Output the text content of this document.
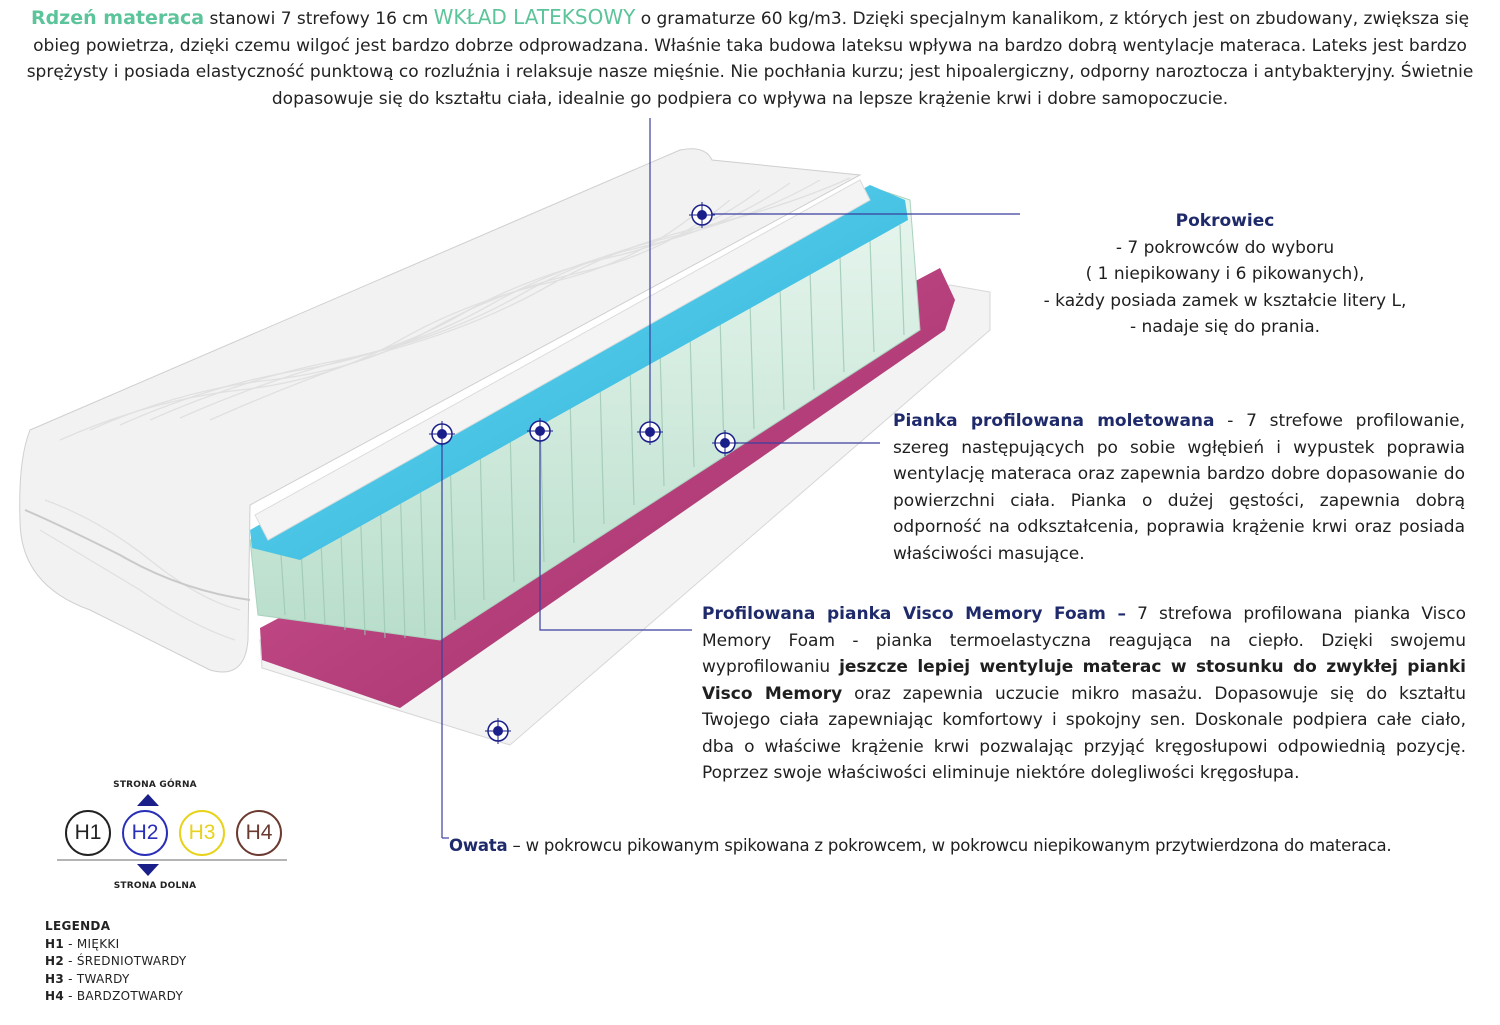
Rdzeń materaca stanowi 7 strefowy 16 cm WKŁAD LATEKSOWY o gramaturze 60 kg/m3. Dzięki specjalnym kanalikom, z których jest on zbudowany, zwiększa się obieg powietrza, dzięki czemu wilgoć jest bardzo dobrze odprowadzana. Właśnie taka budowa lateksu wpływa na bardzo dobrą wentylacje materaca. Lateks jest bardzo sprężysty i posiada elastyczność punktową co rozluźnia i relaksuje nasze mięśnie. Nie pochłania kurzu; jest hipoalergiczny, odporny naroztocza i antybakteryjny. Świetnie dopasowuje się do kształtu ciała, idealnie go podpiera co wpływa na lepsze krążenie krwi i dobre samopoczucie.
Pokrowiec
- 7 pokrowców do wyboru
( 1 niepikowany i 6 pikowanych),
- każdy posiada zamek w kształcie litery L,
- nadaje się do prania.
Pianka profilowana moletowana - 7 strefowe profilowanie, szereg następujących po sobie wgłębień i wypustek poprawia wentylację materaca oraz zapewnia bardzo dobre dopasowanie do powierzchni ciała. Pianka o dużej gęstości, zapewnia dobrą odporność na odkształcenia, poprawia krążenie krwi oraz posiada właściwości masujące.
Profilowana pianka Visco Memory Foam – 7 strefowa profilowana pianka Visco Memory Foam - pianka termoelastyczna reagująca na ciepło. Dzięki swojemu wyprofilowaniu jeszcze lepiej wentyluje materac w stosunku do zwykłej pianki Visco Memory oraz zapewnia uczucie mikro masażu. Dopasowuje się do kształtu Twojego ciała zapewniając komfortowy i spokojny sen. Doskonale podpiera całe ciało, dba o właściwe krążenie krwi pozwalając przyjąć kręgosłupowi odpowiednią pozycję. Poprzez swoje właściwości eliminuje niektóre dolegliwości kręgosłupa.
Owata – w pokrowcu pikowanym spikowana z pokrowcem, w pokrowcu niepikowanym przytwierdzona do materaca.
STRONA GÓRNA
H1	H2	H3	H4
STRONA DOLNA
LEGENDA
H1 - MIĘKKI
H2 - ŚREDNIOTWARDY
H3 - TWARDY
H4 - BARDZOTWARDY
